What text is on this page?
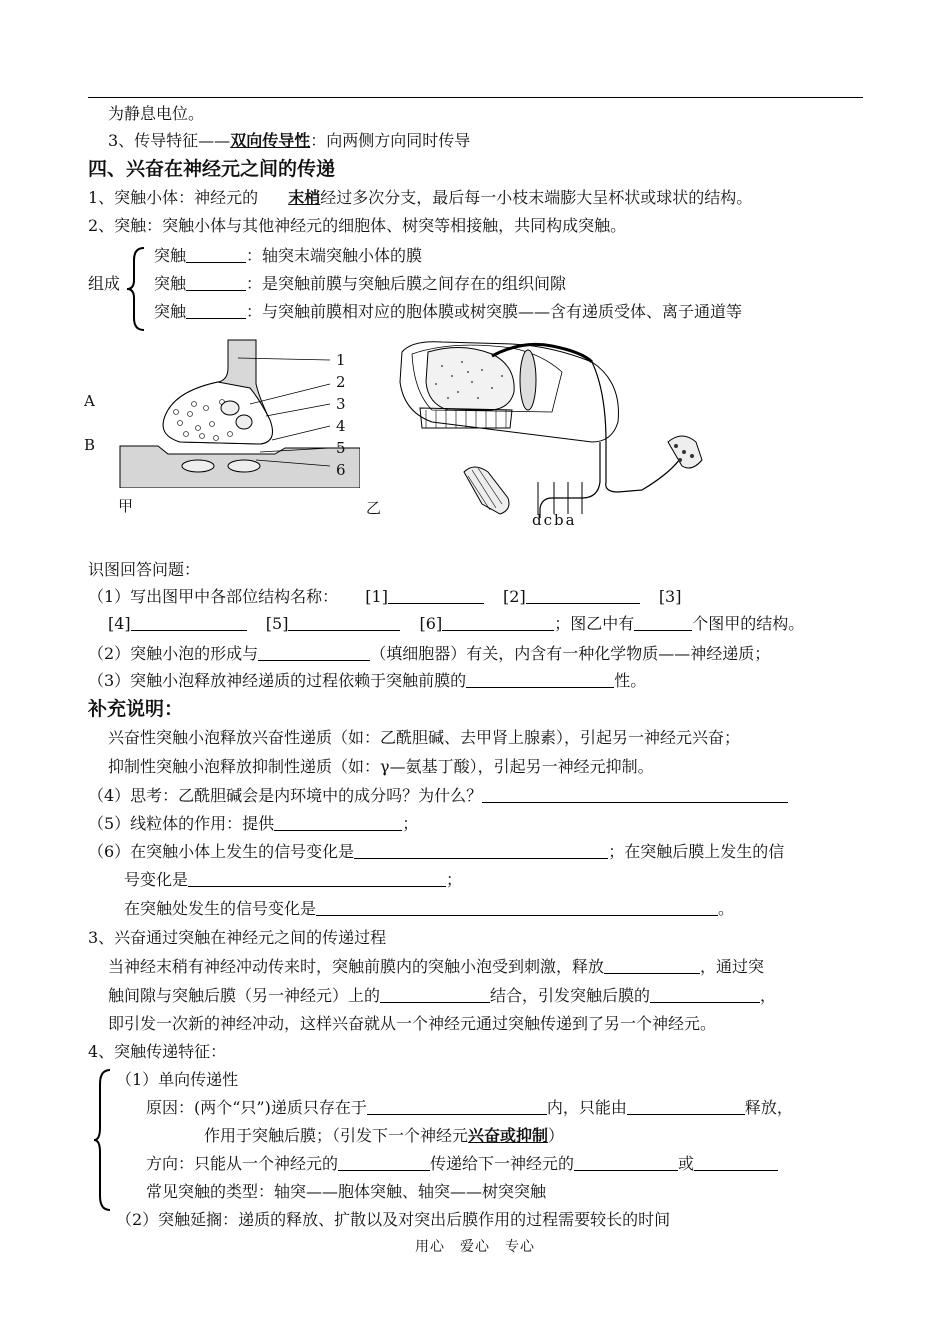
为静息电位。
3、传导特征——双向传导性：向两侧方向同时传导
四、兴奋在神经元之间的传递
1、突触小体：神经元的 末梢经过多次分支，最后每一小枝末端膨大呈杯状或球状的结构。
2、突触：突触小体与其他神经元的细胞体、树突等相接触，共同构成突触。
组成
突触	：轴突末端突触小体的膜
突触	：是突触前膜与突触后膜之间存在的组织间隙
突触	：与突触前膜相对应的胞体膜或树突膜——含有递质受体、离子通道等
1
2
3
4
5
6
A
B
甲
dcba
乙
识图回答问题：
（1）写出图甲中各部位结构名称： [1]	[2]	[3]
[4]	[5]	[6]	；图乙中有	个图甲的结构。
（2）突触小泡的形成与	（填细胞器）有关，内含有一种化学物质——神经递质；
（3）突触小泡释放神经递质的过程依赖于突触前膜的	性。
补充说明：
兴奋性突触小泡释放兴奋性递质（如：乙酰胆碱、去甲肾上腺素），引起另一神经元兴奋；
抑制性突触小泡释放抑制性递质（如：γ—氨基丁酸），引起另一神经元抑制。
（4）思考：乙酰胆碱会是内环境中的成分吗？为什么？
（5）线粒体的作用：提供	；
（6）在突触小体上发生的信号变化是	；在突触后膜上发生的信
号变化是	；
在突触处发生的信号变化是	。
3、兴奋通过突触在神经元之间的传递过程
当神经末稍有神经冲动传来时，突触前膜内的突触小泡受到刺激，释放	，通过突
触间隙与突触后膜（另一神经元）上的	结合，引发突触后膜的	，
即引发一次新的神经冲动，这样兴奋就从一个神经元通过突触传递到了另一个神经元。
4、突触传递特征：
（1）单向传递性
原因：(两个“只”)递质只存在于	内，只能由	释放，
作用于突触后膜；（引发下一个神经元兴奋或抑制）
方向：只能从一个神经元的	传递给下一神经元的	或
常见突触的类型：轴突——胞体突触、轴突——树突突触
（2）突触延搁：递质的释放、扩散以及对突出后膜作用的过程需要较长的时间
用心　爱心　专心
